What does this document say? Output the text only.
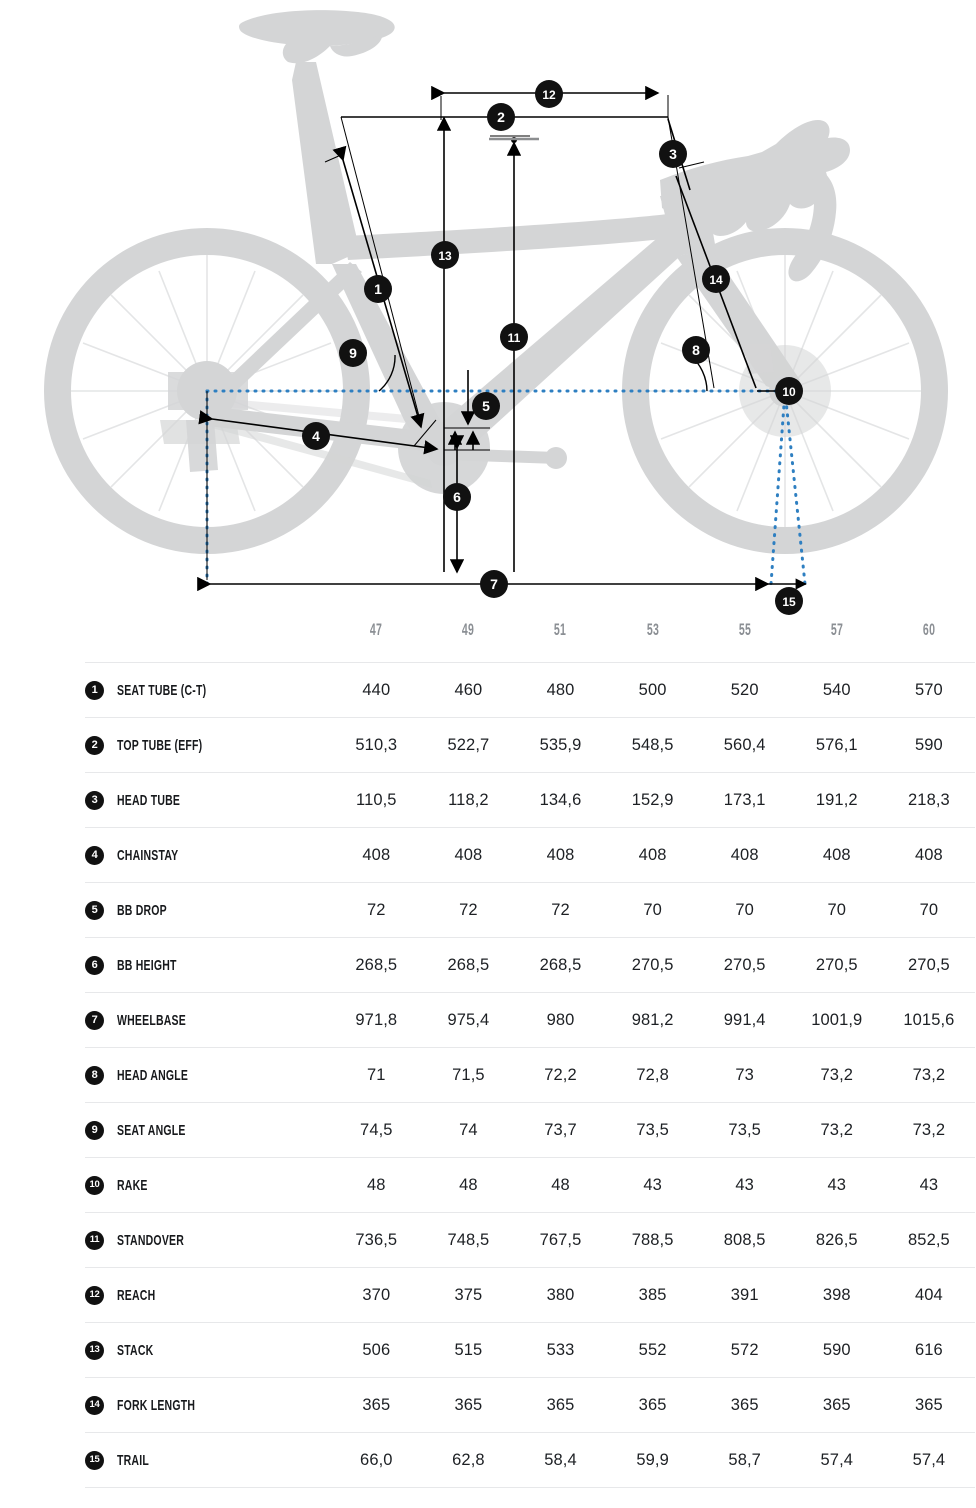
1
2
3
4
5
6
7
8
9
10
11
12
13
14
15
	47	49	51	53	55	57	60

1 SEAT TUBE (C-T)	440	460	480	500	520	540	570

2 TOP TUBE (EFF)	510,3	522,7	535,9	548,5	560,4	576,1	590

3 HEAD TUBE	110,5	118,2	134,6	152,9	173,1	191,2	218,3

4 CHAINSTAY	408	408	408	408	408	408	408

5 BB DROP	72	72	72	70	70	70	70

6 BB HEIGHT	268,5	268,5	268,5	270,5	270,5	270,5	270,5

7 WHEELBASE	971,8	975,4	980	981,2	991,4	1001,9	1015,6

8 HEAD ANGLE	71	71,5	72,2	72,8	73	73,2	73,2

9 SEAT ANGLE	74,5	74	73,7	73,5	73,5	73,2	73,2

10 RAKE	48	48	48	43	43	43	43

11 STANDOVER	736,5	748,5	767,5	788,5	808,5	826,5	852,5

12 REACH	370	375	380	385	391	398	404

13 STACK	506	515	533	552	572	590	616

14 FORK LENGTH	365	365	365	365	365	365	365

15 TRAIL	66,0	62,8	58,4	59,9	58,7	57,4	57,4
